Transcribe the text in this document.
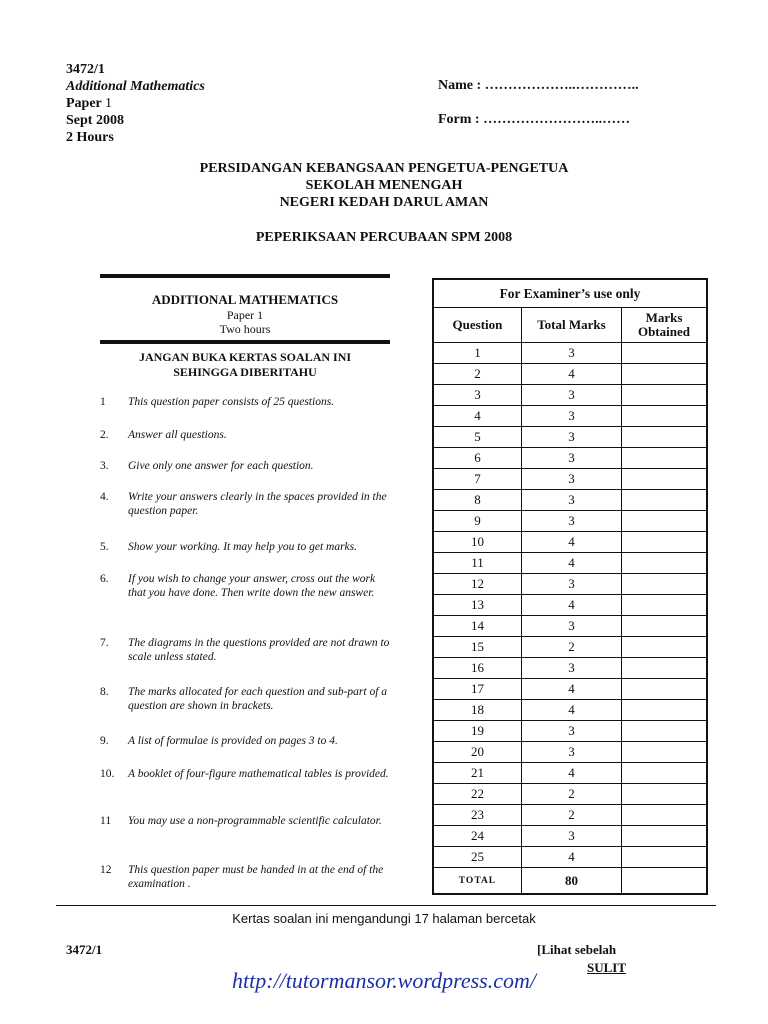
3472/1
Additional Mathematics
Paper 1
Sept 2008
2 Hours
Name : ………………..…………..
Form : ……………………..……
PERSIDANGAN KEBANGSAAN PENGETUA-PENGETUA
SEKOLAH MENENGAH
NEGERI KEDAH DARUL AMAN
PEPERIKSAAN PERCUBAAN SPM 2008
ADDITIONAL MATHEMATICS
Paper 1
Two hours
JANGAN BUKA KERTAS SOALAN INI
SEHINGGA DIBERITAHU
1	This question paper consists of 25 questions.
2.	Answer all questions.
3.	Give only one answer for each question.
4.	Write your answers clearly in the spaces provided in the question paper.
5.	Show your working. It may help you to get marks.
6.	If you wish to change your answer, cross out the work that you have done. Then write down the new answer.
7.	The diagrams in the questions provided are not drawn to scale unless stated.
8.	The marks allocated for each question and sub-part of a question are shown in brackets.
9.	A list of formulae is provided on pages 3 to 4.
10.	A booklet of four-figure mathematical tables is provided.
11	You may use a non-programmable scientific calculator.
12	This question paper must be handed in at the end of the examination .
For Examiner’s use only		
Question	Total Marks	Marks Obtained
1	3	
2	4	
3	3	
4	3	
5	3	
6	3	
7	3	
8	3	
9	3	
10	4	
11	4	
12	3	
13	4	
14	3	
15	2	
16	3	
17	4	
18	4	
19	3	
20	3	
21	4	
22	2	
23	2	
24	3	
25	4	
TOTAL	80	
Kertas soalan ini mengandungi 17 halaman bercetak
3472/1	[Lihat sebelah
SULIT
http://tutormansor.wordpress.com/
